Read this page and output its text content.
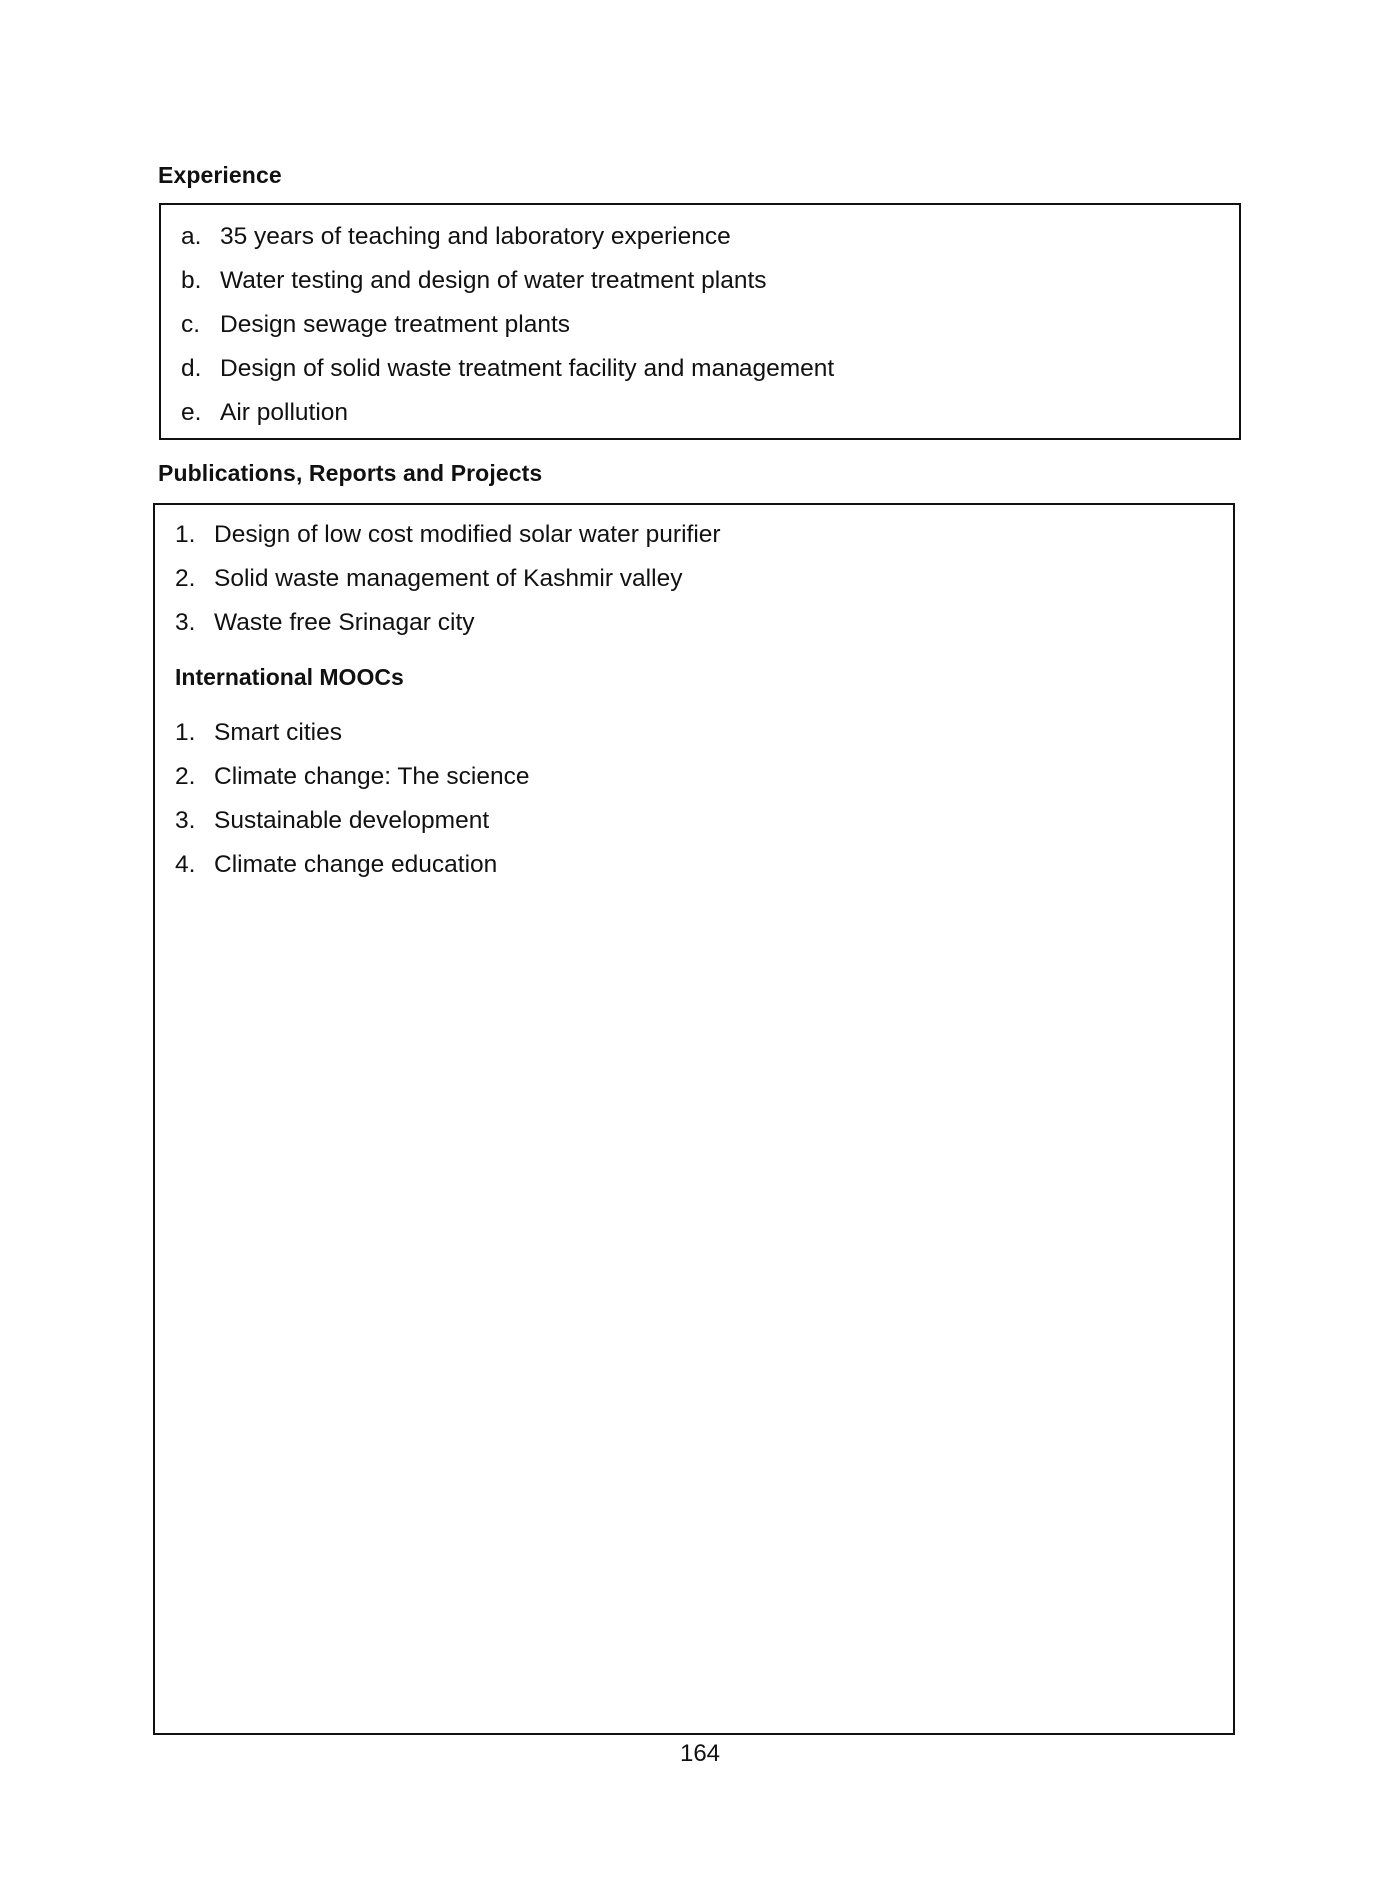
Experience
a. 35 years of teaching and laboratory experience
b. Water testing and design of water treatment plants
c. Design sewage treatment plants
d. Design of solid waste treatment facility and management
e. Air pollution
Publications, Reports and Projects
1. Design of low cost modified solar water purifier
2. Solid waste management of Kashmir valley
3. Waste free Srinagar city
International MOOCs
1. Smart cities
2. Climate change: The science
3. Sustainable development
4. Climate change education
164
